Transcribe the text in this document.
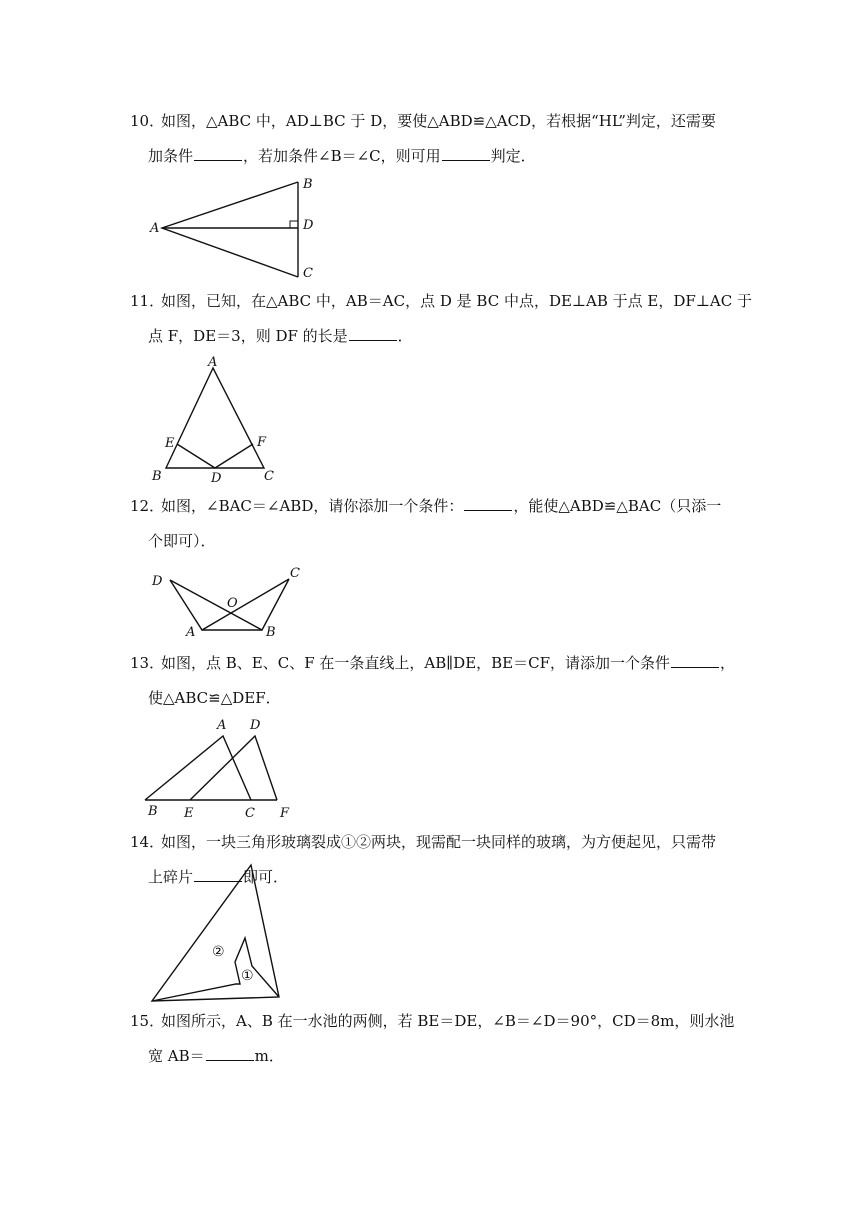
10．
如图，△ABC 中，AD⊥BC 于 D，要使△ABD≌△ACD，若根据“HL”判定，还需要
加条件	，若加条件∠B＝∠C，则可用	判定．
A
B
D
C
11．
如图，已知，在△ABC 中，AB＝AC，点 D 是 BC 中点，DE⊥AB 于点 E，DF⊥AC 于
点 F，DE＝3，则 DF 的长是	．
A
E	F
B	D	C
12．
如图，∠BAC＝∠ABD，请你添加一个条件：	，能使△ABD≌△BAC（只添一
个即可）．
D
C
O
A	B
13．
如图，点 B、E、C、F 在一条直线上，AB∥DE，BE＝CF，请添加一个条件	，
使△ABC≌△DEF．
A D
B E	C F
14．
如图，一块三角形玻璃裂成①②两块，现需配一块同样的玻璃，为方便起见，只需带
上碎片	即可．
②
①
15．
如图所示，A、B 在一水池的两侧，若 BE＝DE，∠B＝∠D＝90°，CD＝8m，则水池
宽 AB＝	m．
